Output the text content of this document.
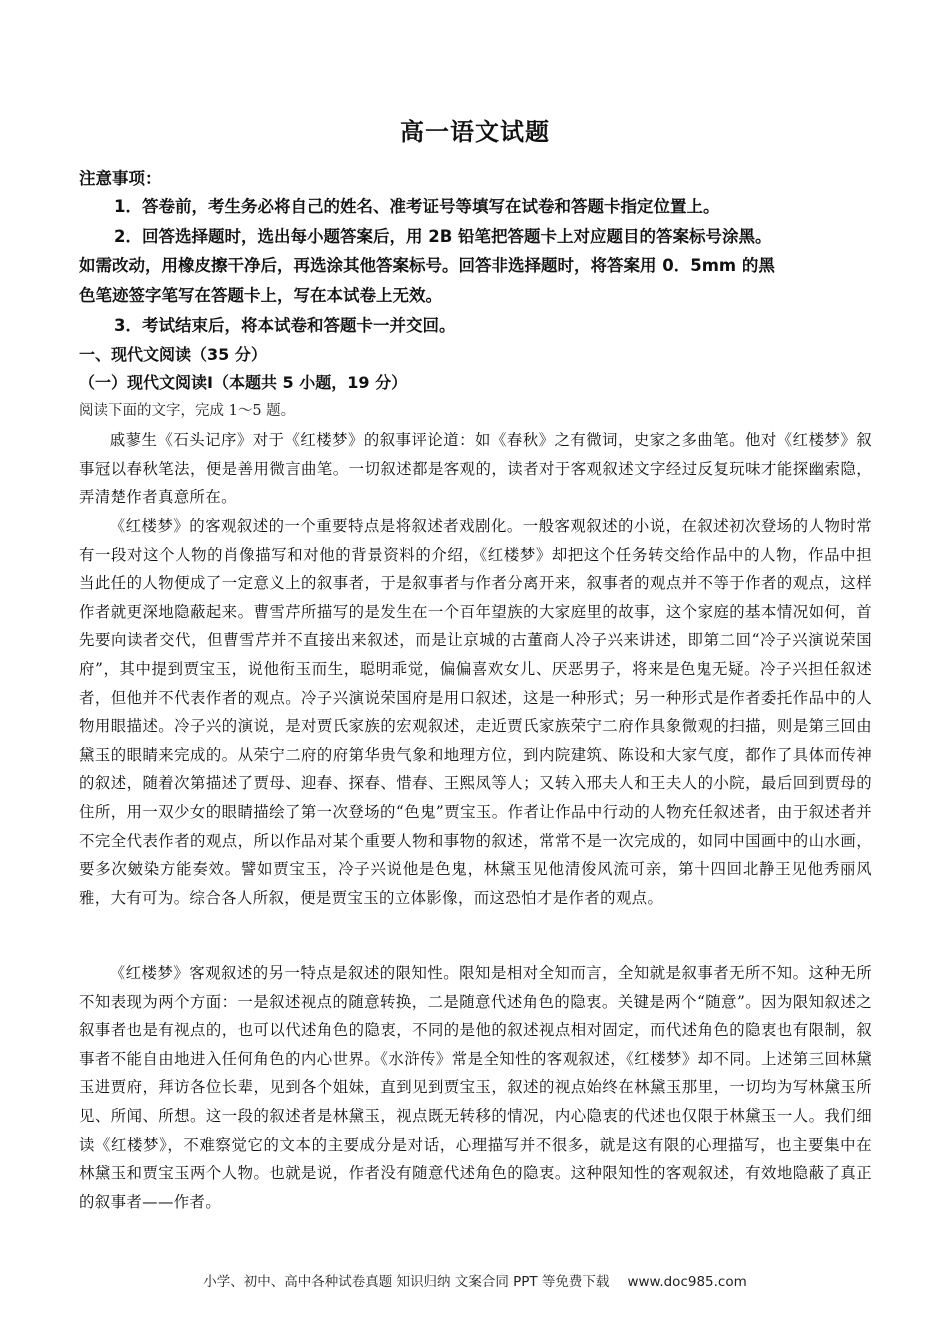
高一语文试题
注意事项：
1．答卷前，考生务必将自己的姓名、准考证号等填写在试卷和答题卡指定位置上。
2．回答选择题时，选出每小题答案后，用 2B 铅笔把答题卡上对应题目的答案标号涂黑。
如需改动，用橡皮擦干净后，再选涂其他答案标号。回答非选择题时，将答案用 0．5mm 的黑
色笔迹签字笔写在答题卡上，写在本试卷上无效。
3．考试结束后，将本试卷和答题卡一并交回。
一、现代文阅读（35 分）
（一）现代文阅读Ⅰ（本题共 5 小题，19 分）
阅读下面的文字，完成 1～5 题。
戚蓼生《石头记序》对于《红楼梦》的叙事评论道：如《春秋》之有微词，史家之多曲笔。他对《红楼梦》叙事冠以春秋笔法，便是善用微言曲笔。一切叙述都是客观的，读者对于客观叙述文字经过反复玩味才能探幽索隐，弄清楚作者真意所在。
《红楼梦》的客观叙述的一个重要特点是将叙述者戏剧化。一般客观叙述的小说，在叙述初次登场的人物时常有一段对这个人物的肖像描写和对他的背景资料的介绍，《红楼梦》却把这个任务转交给作品中的人物，作品中担当此任的人物便成了一定意义上的叙事者，于是叙事者与作者分离开来，叙事者的观点并不等于作者的观点，这样作者就更深地隐蔽起来。曹雪芹所描写的是发生在一个百年望族的大家庭里的故事，这个家庭的基本情况如何，首先要向读者交代，但曹雪芹并不直接出来叙述，而是让京城的古董商人冷子兴来讲述，即第二回“冷子兴演说荣国府”，其中提到贾宝玉，说他衔玉而生，聪明乖觉，偏偏喜欢女儿、厌恶男子，将来是色鬼无疑。冷子兴担任叙述者，但他并不代表作者的观点。冷子兴演说荣国府是用口叙述，这是一种形式；另一种形式是作者委托作品中的人物用眼描述。冷子兴的演说，是对贾氏家族的宏观叙述，走近贾氏家族荣宁二府作具象微观的扫描，则是第三回由黛玉的眼睛来完成的。从荣宁二府的府第华贵气象和地理方位，到内院建筑、陈设和大家气度，都作了具体而传神的叙述，随着次第描述了贾母、迎春、探春、惜春、王熙凤等人；又转入邢夫人和王夫人的小院，最后回到贾母的住所，用一双少女的眼睛描绘了第一次登场的“色鬼”贾宝玉。作者让作品中行动的人物充任叙述者，由于叙述者并不完全代表作者的观点，所以作品对某个重要人物和事物的叙述，常常不是一次完成的，如同中国画中的山水画，要多次皴染方能奏效。譬如贾宝玉，冷子兴说他是色鬼，林黛玉见他清俊风流可亲，第十四回北静王见他秀丽风雅，大有可为。综合各人所叙，便是贾宝玉的立体影像，而这恐怕才是作者的观点。
《红楼梦》客观叙述的另一特点是叙述的限知性。限知是相对全知而言，全知就是叙事者无所不知。这种无所不知表现为两个方面：一是叙述视点的随意转换，二是随意代述角色的隐衷。关键是两个“随意”。因为限知叙述之叙事者也是有视点的，也可以代述角色的隐衷，不同的是他的叙述视点相对固定，而代述角色的隐衷也有限制，叙事者不能自由地进入任何角色的内心世界。《水浒传》常是全知性的客观叙述，《红楼梦》却不同。上述第三回林黛玉进贾府，拜访各位长辈，见到各个姐妹，直到见到贾宝玉，叙述的视点始终在林黛玉那里，一切均为写林黛玉所见、所闻、所想。这一段的叙述者是林黛玉，视点既无转移的情况，内心隐衷的代述也仅限于林黛玉一人。我们细读《红楼梦》，不难察觉它的文本的主要成分是对话，心理描写并不很多，就是这有限的心理描写，也主要集中在林黛玉和贾宝玉两个人物。也就是说，作者没有随意代述角色的隐衷。这种限知性的客观叙述，有效地隐蔽了真正的叙事者——作者。
小学、初中、高中各种试卷真题 知识归纳 文案合同 PPT 等免费下载 www.doc985.com
